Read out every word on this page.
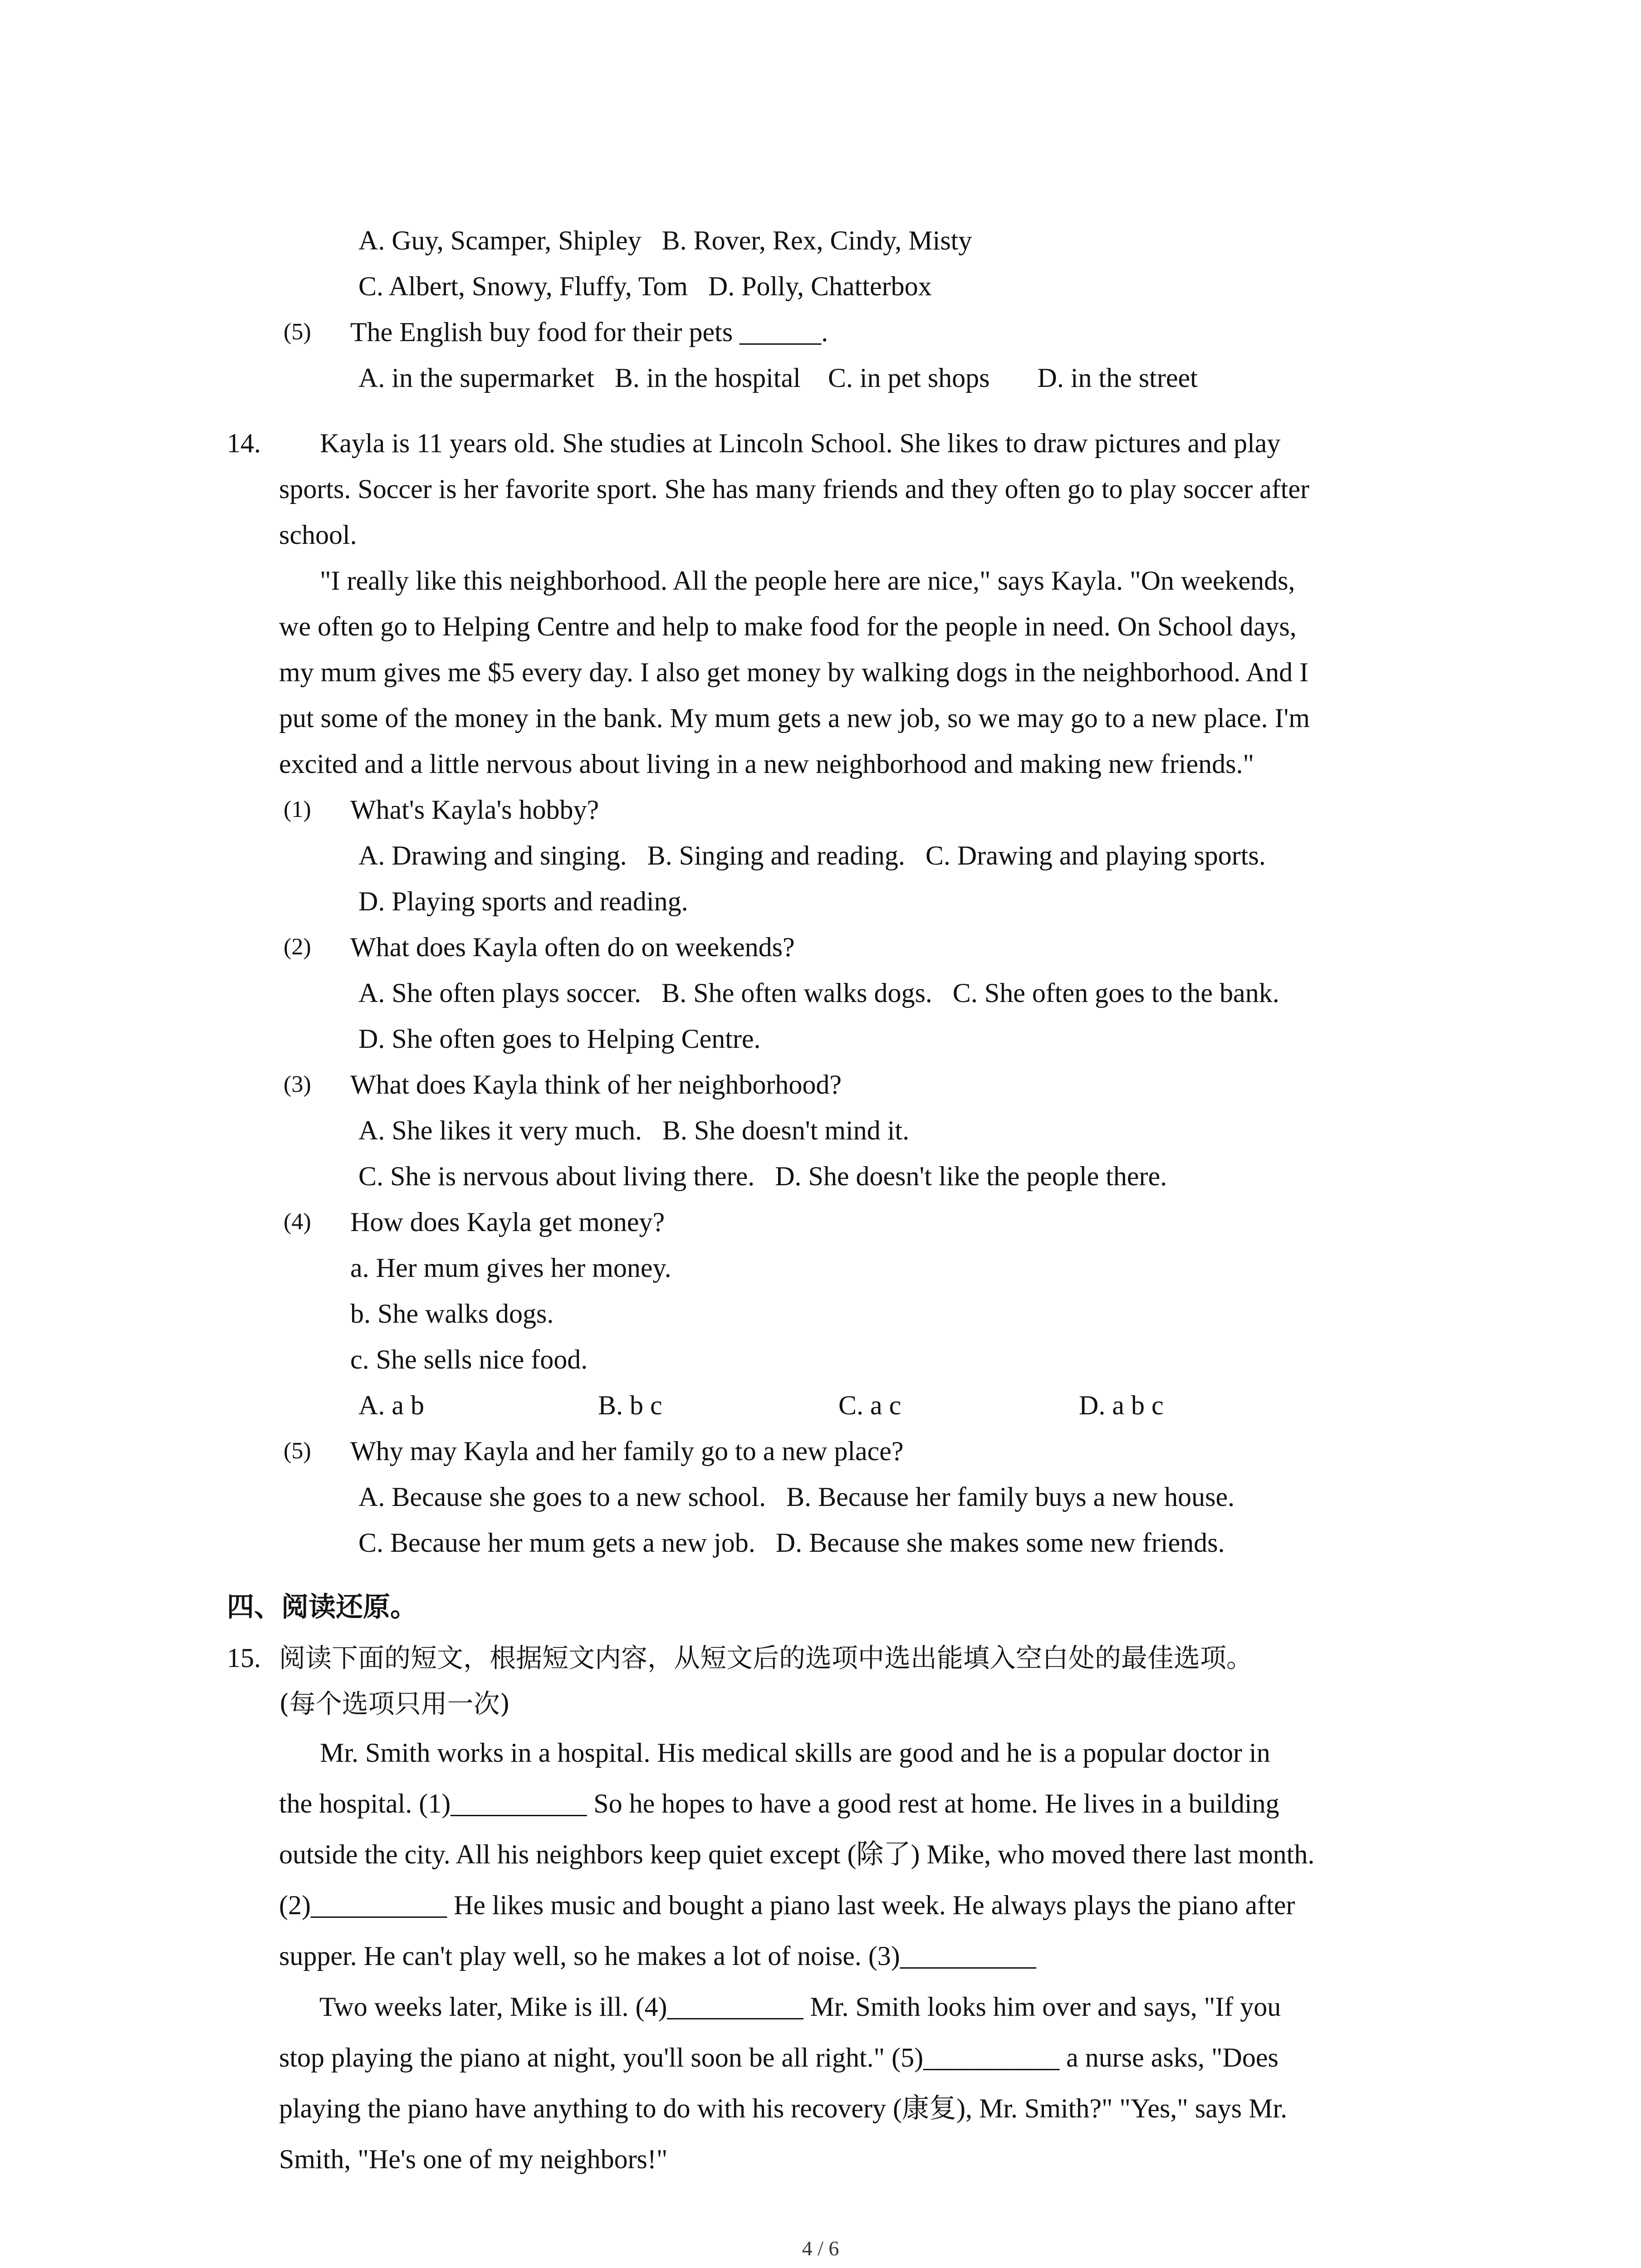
A. Guy, Scamper, Shipley   B. Rover, Rex, Cindy, Misty
C. Albert, Snowy, Fluffy, Tom   D. Polly, Chatterbox
(5) The English buy food for their pets ______.
A. in the supermarket   B. in the hospital    C. in pet shops       D. in the street
14. Kayla is 11 years old. She studies at Lincoln School. She likes to draw pictures and play
sports. Soccer is her favorite sport. She has many friends and they often go to play soccer after
school.
"I really like this neighborhood. All the people here are nice," says Kayla. "On weekends,
we often go to Helping Centre and help to make food for the people in need. On School days,
my mum gives me $5 every day. I also get money by walking dogs in the neighborhood. And I
put some of the money in the bank. My mum gets a new job, so we may go to a new place. I'm
excited and a little nervous about living in a new neighborhood and making new friends."
(1) What's Kayla's hobby?
A. Drawing and singing.   B. Singing and reading.   C. Drawing and playing sports.
D. Playing sports and reading.
(2) What does Kayla often do on weekends?
A. She often plays soccer.   B. She often walks dogs.   C. She often goes to the bank.
D. She often goes to Helping Centre.
(3) What does Kayla think of her neighborhood?
A. She likes it very much.   B. She doesn't mind it.
C. She is nervous about living there.   D. She doesn't like the people there.
(4) How does Kayla get money?
a. Her mum gives her money.
b. She walks dogs.
c. She sells nice food.
A. a b	B. b c	C. a c	D. a b c
(5) Why may Kayla and her family go to a new place?
A. Because she goes to a new school.   B. Because her family buys a new house.
C. Because her mum gets a new job.   D. Because she makes some new friends.
四、阅读还原。
15. 阅读下面的短文，根据短文内容，从短文后的选项中选出能填入空白处的最佳选项。
(每个选项只用一次)
Mr. Smith works in a hospital. His medical skills are good and he is a popular doctor in
the hospital. (1)__________ So he hopes to have a good rest at home. He lives in a building
outside the city. All his neighbors keep quiet except (除了) Mike, who moved there last month.
(2)__________ He likes music and bought a piano last week. He always plays the piano after
supper. He can't play well, so he makes a lot of noise. (3)__________
Two weeks later, Mike is ill. (4)__________ Mr. Smith looks him over and says, "If you
stop playing the piano at night, you'll soon be all right." (5)__________ a nurse asks, "Does
playing the piano have anything to do with his recovery (康复), Mr. Smith?" "Yes," says Mr.
Smith, "He's one of my neighbors!"
4 / 6
